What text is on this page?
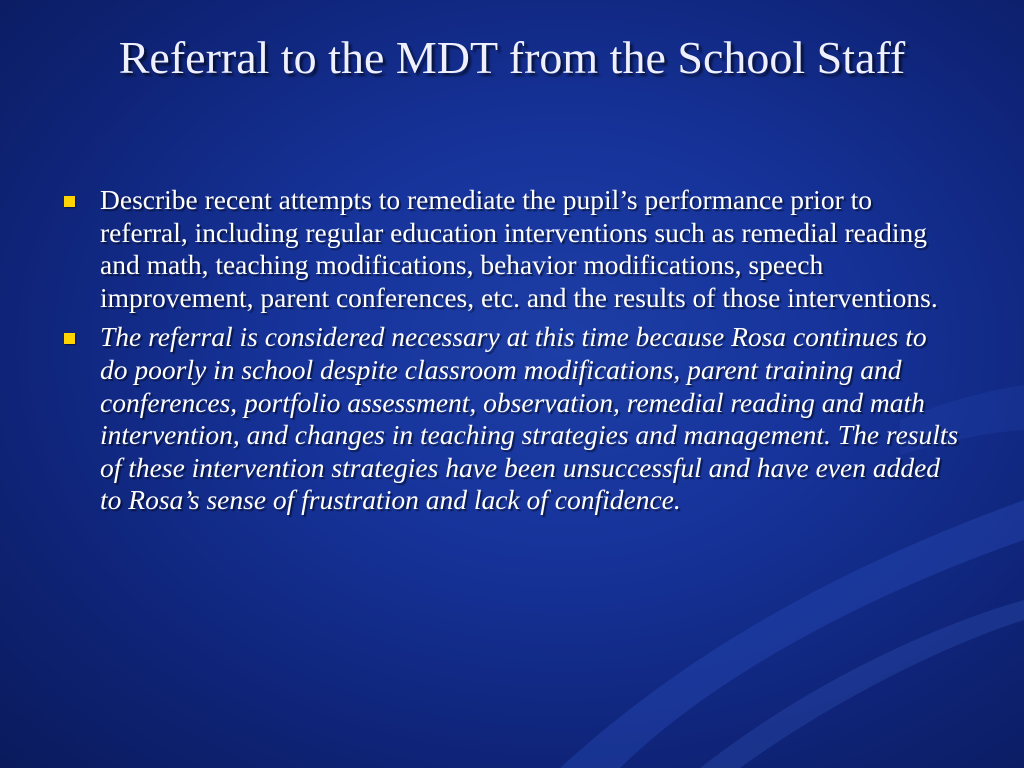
Referral to the MDT from the School Staff
Describe recent attempts to remediate the pupil’s performance prior to referral, including regular education interventions such as remedial reading and math, teaching modifications, behavior modifications, speech improvement, parent conferences, etc. and the results of those interventions.
The referral is considered necessary at this time because Rosa continues to do poorly in school despite classroom modifications, parent training and conferences, portfolio assessment, observation, remedial reading and math intervention, and changes in teaching strategies and management. The results of these intervention strategies have been unsuccessful and have even added to Rosa’s sense of frustration and lack of confidence.
